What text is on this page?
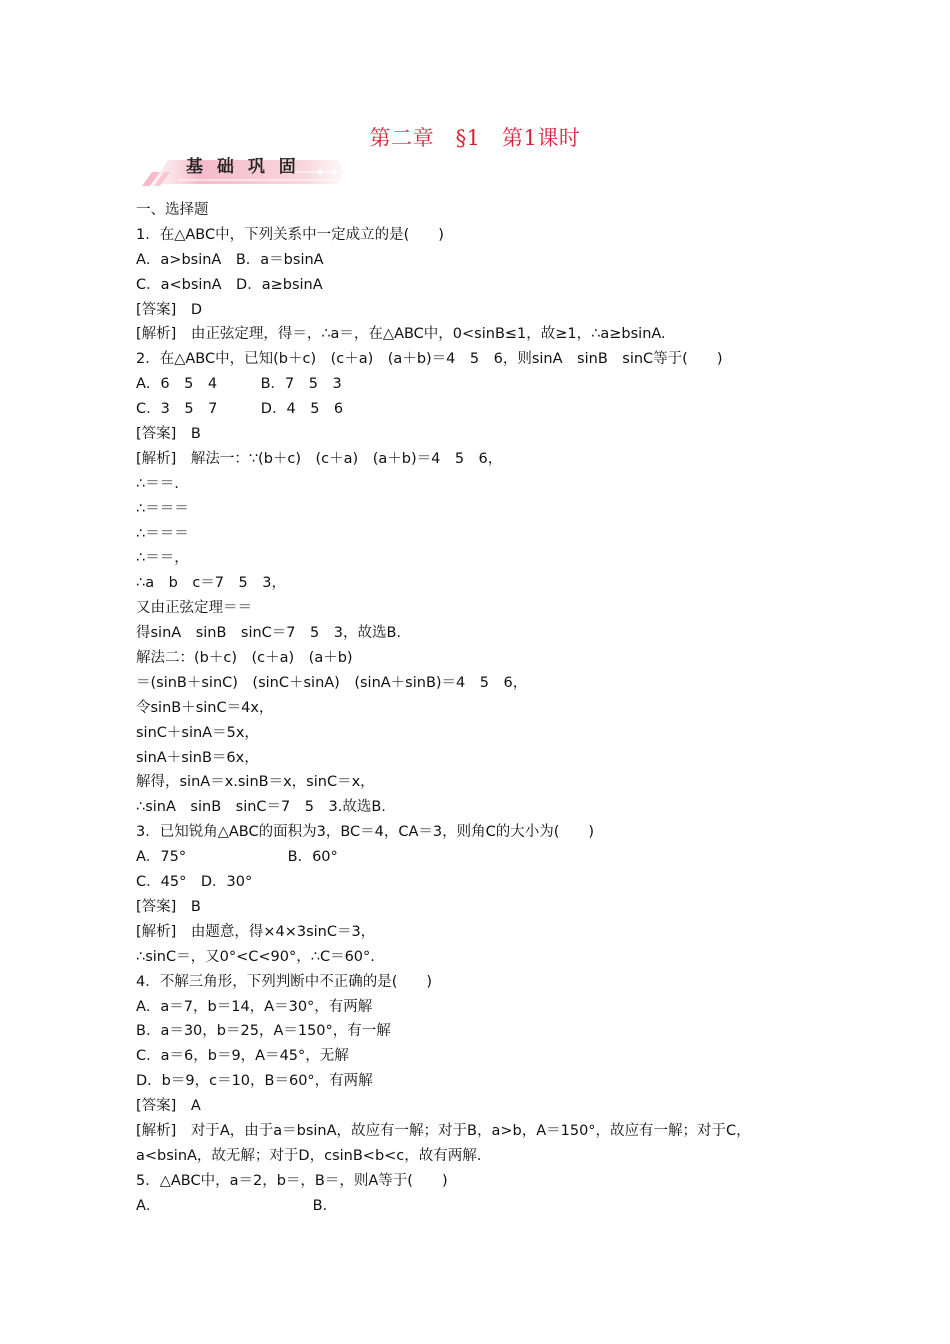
第二章　§1　第1课时
基 础 巩 固
一、选择题
1．在△ABC中，下列关系中一定成立的是(　　)
A．a>bsinA　B．a＝bsinA
C．a<bsinA　D．a≥bsinA
[答案]　D
[解析]　由正弦定理，得＝，∴a＝，在△ABC中，0<sinB≤1，故≥1，∴a≥bsinA.
2．在△ABC中，已知(b＋c)　(c＋a)　(a＋b)＝4　5　6，则sinA　sinB　sinC等于(　　)
A．6　5　4　　　B．7　5　3
C．3　5　7　　　D．4　5　6
[答案]　B
[解析]　解法一：∵(b＋c)　(c＋a)　(a＋b)＝4　5　6，
∴＝＝.
∴＝＝＝
∴＝＝＝
∴＝＝，
∴a　b　c＝7　5　3，
又由正弦定理＝＝
得sinA　sinB　sinC＝7　5　3，故选B.
解法二：(b＋c)　(c＋a)　(a＋b)
＝(sinB＋sinC)　(sinC＋sinA)　(sinA＋sinB)＝4　5　6，
令sinB＋sinC＝4x，
sinC＋sinA＝5x，
sinA＋sinB＝6x，
解得，sinA＝x.sinB＝x，sinC＝x，
∴sinA　sinB　sinC＝7　5　3.故选B.
3．已知锐角△ABC的面积为3，BC＝4，CA＝3，则角C的大小为(　　)
A．75°　　　　　　　B．60°
C．45°　D．30°
[答案]　B
[解析]　由题意，得×4×3sinC＝3，
∴sinC＝，又0°<C<90°，∴C＝60°.
4．不解三角形，下列判断中不正确的是(　　)
A．a＝7，b＝14，A＝30°，有两解
B．a＝30，b＝25，A＝150°，有一解
C．a＝6，b＝9，A＝45°，无解
D．b＝9，c＝10，B＝60°，有两解
[答案]　A
[解析]　对于A，由于a＝bsinA，故应有一解；对于B，a>b，A＝150°，故应有一解；对于C，a<bsinA，故无解；对于D，csinB<b<c，故有两解.
5．△ABC中，a＝2，b＝，B＝，则A等于(　　)
A．　　　　　　　　　　　B．
